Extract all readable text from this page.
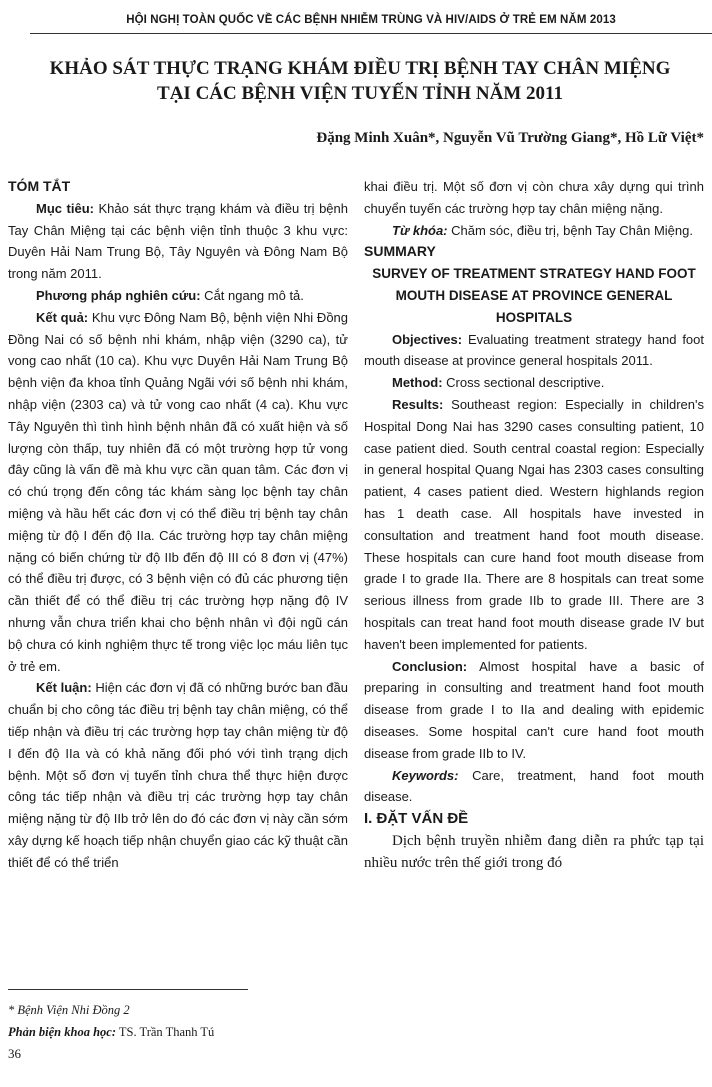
HỘI NGHỊ TOÀN QUỐC VỀ CÁC BỆNH NHIỄM TRÙNG VÀ HIV/AIDS Ở TRẺ EM NĂM 2013
KHẢO SÁT THỰC TRẠNG KHÁM ĐIỀU TRỊ BỆNH TAY CHÂN MIỆNG
TẠI CÁC BỆNH VIỆN TUYẾN TỈNH NĂM 2011
Đặng Minh Xuân*, Nguyễn Vũ Trường Giang*, Hồ Lữ Việt*

TÓM TẮT

Mục tiêu: Khảo sát thực trạng khám và điều trị bệnh Tay Chân Miệng tại các bệnh viện tỉnh thuộc 3 khu vực: Duyên Hải Nam Trung Bộ, Tây Nguyên và Đông Nam Bộ trong năm 2011.

Phương pháp nghiên cứu: Cắt ngang mô tả.

Kết quả: Khu vực Đông Nam Bộ, bệnh viện Nhi Đồng Đồng Nai có số bệnh nhi khám, nhập viện (3290 ca), tử vong cao nhất (10 ca). Khu vực Duyên Hải Nam Trung Bộ bệnh viện đa khoa tỉnh Quảng Ngãi với số bệnh nhi khám, nhập viện (2303 ca) và tử vong cao nhất (4 ca). Khu vực Tây Nguyên thì tình hình bệnh nhân đã có xuất hiện và số lượng còn thấp, tuy nhiên đã có một trường hợp tử vong đây cũng là vấn đề mà khu vực cần quan tâm. Các đơn vị có chú trọng đến công tác khám sàng lọc bệnh tay chân miệng và hầu hết các đơn vị có thể điều trị bệnh tay chân miệng từ độ I đến độ IIa. Các trường hợp tay chân miệng nặng có biến chứng từ độ IIb đến độ III có 8 đơn vị (47%) có thể điều trị được, có 3 bệnh viện có đủ các phương tiện cần thiết để có thể điều trị các trường hợp nặng độ IV nhưng vẫn chưa triển khai cho bệnh nhân vì đội ngũ cán bộ chưa có kinh nghiệm thực tế trong việc lọc máu liên tục ở trẻ em.

Kết luận: Hiện các đơn vị đã có những bước ban đầu chuẩn bị cho công tác điều trị bệnh tay chân miệng, có thể tiếp nhận và điều trị các trường hợp tay chân miệng từ độ I đến độ IIa và có khả năng đối phó với tình trạng dịch bệnh. Một số đơn vị tuyến tỉnh chưa thể thực hiện được công tác tiếp nhận và điều trị các trường hợp tay chân miệng nặng từ độ IIb trở lên do đó các đơn vị này cần sớm xây dựng kế hoạch tiếp nhận chuyển giao các kỹ thuật cần thiết để có thể triển

khai điều trị. Một số đơn vị còn chưa xây dựng qui trình chuyển tuyến các trường hợp tay chân miệng nặng.

Từ khóa: Chăm sóc, điều trị, bệnh Tay Chân Miệng.

SUMMARY

SURVEY OF TREATMENT STRATEGY HAND FOOT MOUTH DISEASE AT PROVINCE GENERAL HOSPITALS

Objectives: Evaluating treatment strategy hand foot mouth disease at province general hospitals 2011.

Method: Cross sectional descriptive.

Results: Southeast region: Especially in children's Hospital Dong Nai has 3290 cases consulting patient, 10 case patient died. South central coastal region: Especially in general hospital Quang Ngai has 2303 cases consulting patient, 4 cases patient died. Western highlands region has 1 death case. All hospitals have invested in consultation and treatment hand foot mouth disease. These hospitals can cure hand foot mouth disease from grade I to grade IIa. There are 8 hospitals can treat some serious illness from grade IIb to grade III. There are 3 hospitals can treat hand foot mouth disease grade IV but haven't been implemented for patients.

Conclusion: Almost hospital have a basic of preparing in consulting and treatment hand foot mouth disease from grade I to IIa and dealing with epidemic diseases. Some hospital can't cure hand foot mouth disease from grade IIb to IV.

Keywords: Care, treatment, hand foot mouth disease.

I. ĐẶT VẤN ĐỀ

Dịch bệnh truyền nhiễm đang diễn ra phức tạp tại nhiều nước trên thế giới trong đó

* Bệnh Viện Nhi Đồng 2
Phản biện khoa học: TS. Trần Thanh Tú
36
